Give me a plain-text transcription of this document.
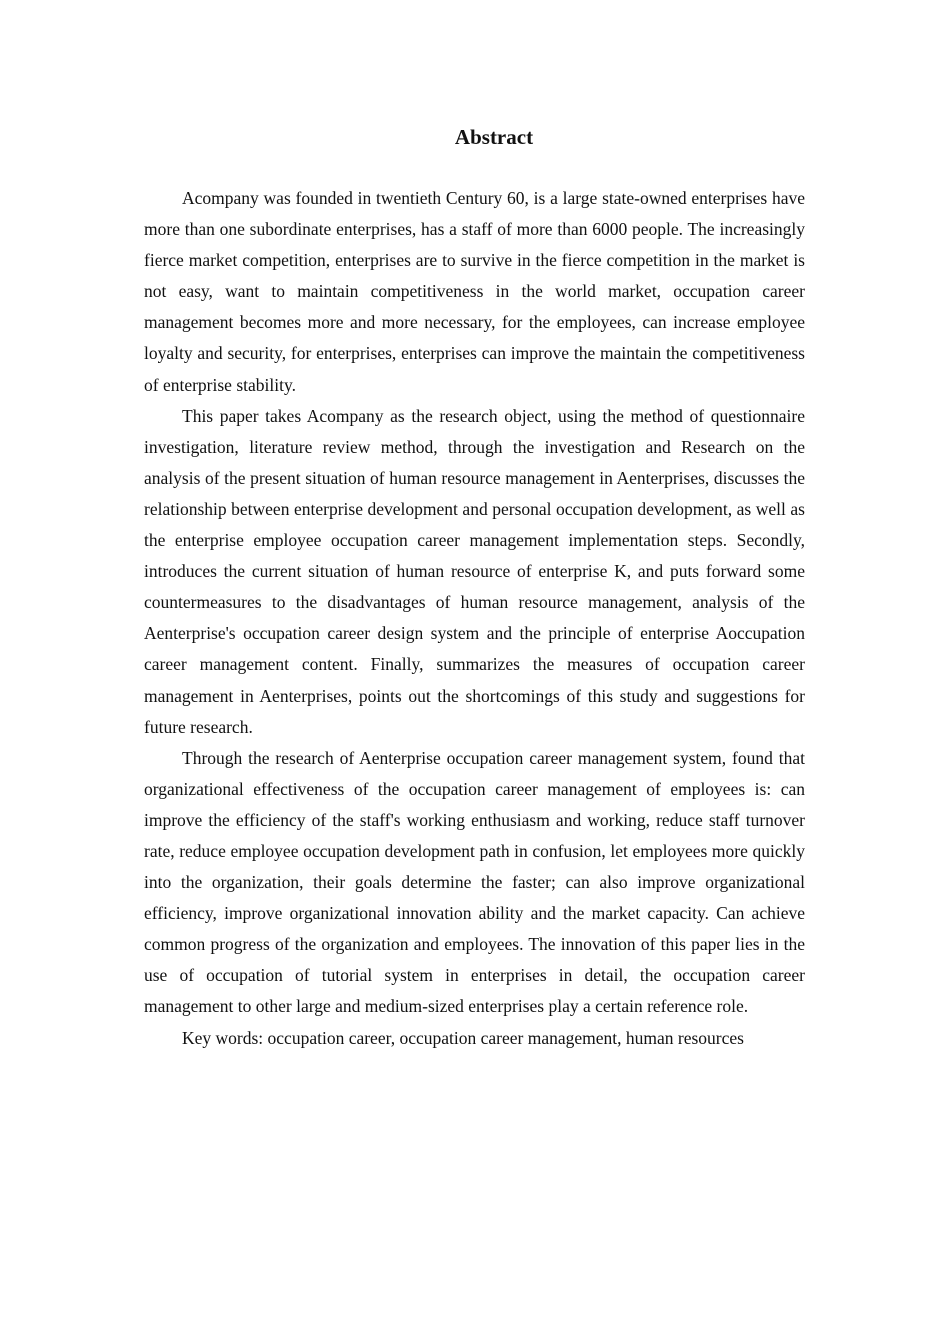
Abstract

Acompany was founded in twentieth Century 60, is a large state-owned enterprises have more than one subordinate enterprises, has a staff of more than 6000 people. The increasingly fierce market competition, enterprises are to survive in the fierce competition in the market is not easy, want to maintain competitiveness in the world market, occupation career management becomes more and more necessary, for the employees, can increase employee loyalty and security, for enterprises, enterprises can improve the maintain the competitiveness of enterprise stability.

This paper takes Acompany as the research object, using the method of questionnaire investigation, literature review method, through the investigation and Research on the analysis of the present situation of human resource management in Aenterprises, discusses the relationship between enterprise development and personal occupation development, as well as the enterprise employee occupation career management implementation steps. Secondly, introduces the current situation of human resource of enterprise K, and puts forward some countermeasures to the disadvantages of human resource management, analysis of the Aenterprise's occupation career design system and the principle of enterprise Aoccupation career management content. Finally, summarizes the measures of occupation career management in Aenterprises, points out the shortcomings of this study and suggestions for future research.

Through the research of Aenterprise occupation career management system, found that organizational effectiveness of the occupation career management of employees is: can improve the efficiency of the staff's working enthusiasm and working, reduce staff turnover rate, reduce employee occupation development path in confusion, let employees more quickly into the organization, their goals determine the faster; can also improve organizational efficiency, improve organizational innovation ability and the market capacity. Can achieve common progress of the organization and employees. The innovation of this paper lies in the use of occupation of tutorial system in enterprises in detail, the occupation career management to other large and medium-sized enterprises play a certain reference role.

Key words: occupation career, occupation career management, human resources
